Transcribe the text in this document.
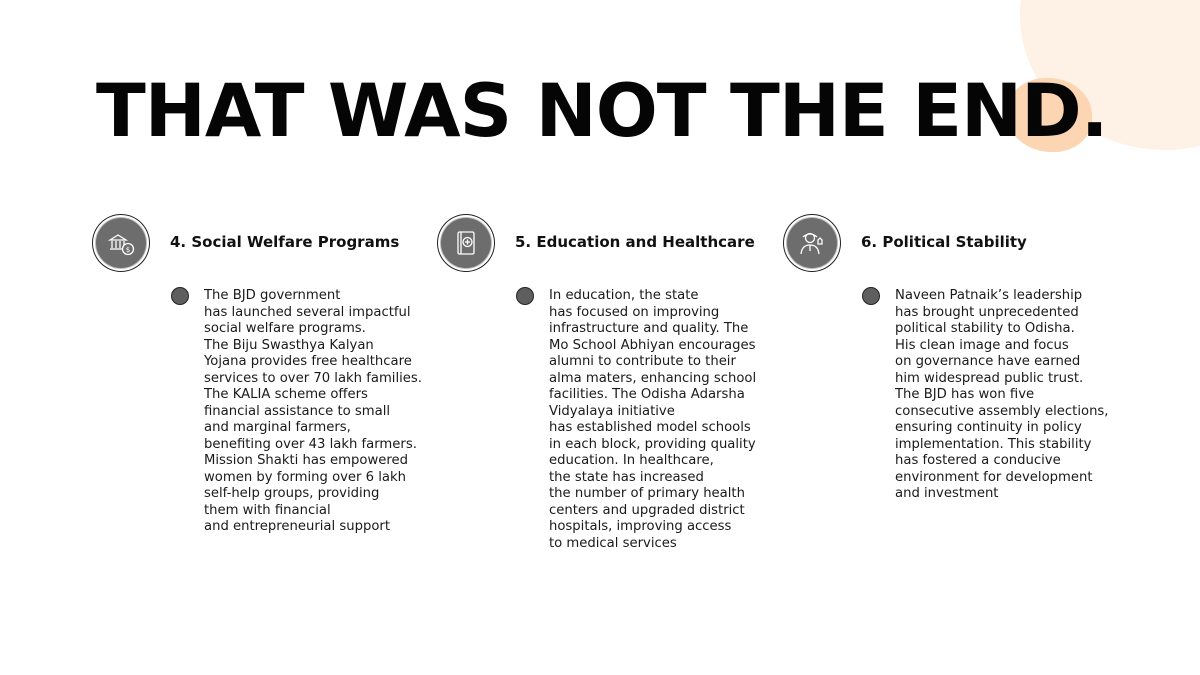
THAT WAS NOT THE END.
$	4. Social Welfare Programs

The BJD government
has launched several impactful
social welfare programs.
The Biju Swasthya Kalyan
Yojana provides free healthcare
services to over 70 lakh families.
The KALIA scheme offers
financial assistance to small
and marginal farmers,
benefiting over 43 lakh farmers.
Mission Shakti has empowered
women by forming over 6 lakh
self-help groups, providing
them with financial
and entrepreneurial support

5. Education and Healthcare

In education, the state
has focused on improving
infrastructure and quality. The
Mo School Abhiyan encourages
alumni to contribute to their
alma maters, enhancing school
facilities. The Odisha Adarsha
Vidyalaya initiative
has established model schools
in each block, providing quality
education. In healthcare,
the state has increased
the number of primary health
centers and upgraded district
hospitals, improving access
to medical services

6. Political Stability

Naveen Patnaik’s leadership
has brought unprecedented
political stability to Odisha.
His clean image and focus
on governance have earned
him widespread public trust.
The BJD has won five
consecutive assembly elections,
ensuring continuity in policy
implementation. This stability
has fostered a conducive
environment for development
and investment
